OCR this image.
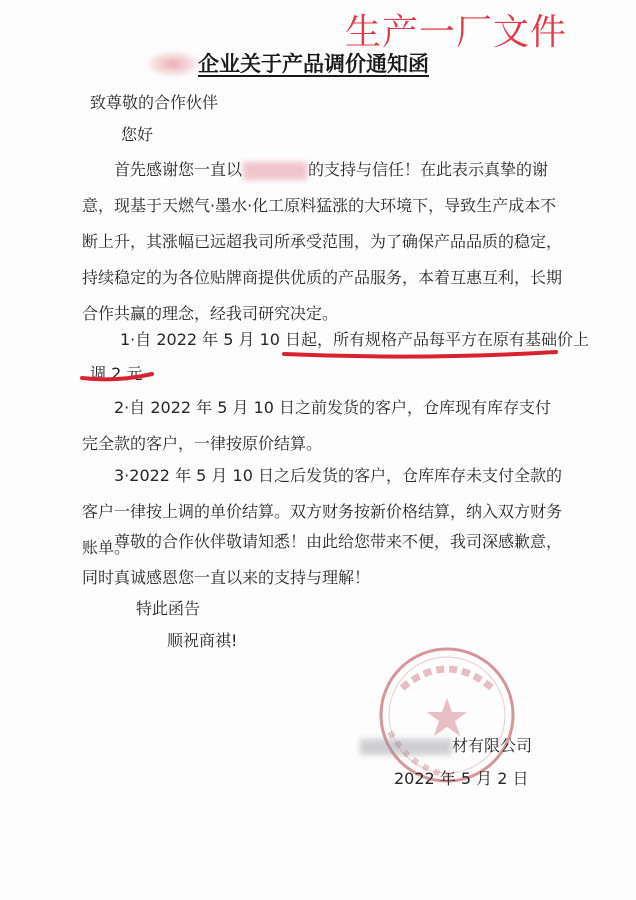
生产一厂文件
企业关于产品调价通知函
致尊敬的合作伙伴
您好
首先感谢您一直以	的支持与信任！在此表示真挚的谢意，现基于天燃气·墨水·化工原料猛涨的大环境下，导致生产成本不断上升，其涨幅已远超我司所承受范围，为了确保产品品质的稳定，持续稳定的为各位贴牌商提供优质的产品服务，本着互惠互利，长期合作共赢的理念，经我司研究决定。
1·自 2022 年 5 月 10 日起，所有规格产品每平方在原有基础价上
调 2 元
2·自 2022 年 5 月 10 日之前发货的客户，仓库现有库存支付完全款的客户，一律按原价结算。
3·2022 年 5 月 10 日之后发货的客户，仓库库存未支付全款的客户一律按上调的单价结算。双方财务按新价格结算，纳入双方财务账单。
尊敬的合作伙伴敬请知悉！由此给您带来不便，我司深感歉意，同时真诚感恩您一直以来的支持与理解！
特此函告
顺祝商祺!
材有限公司
2022 年 5 月 2 日
